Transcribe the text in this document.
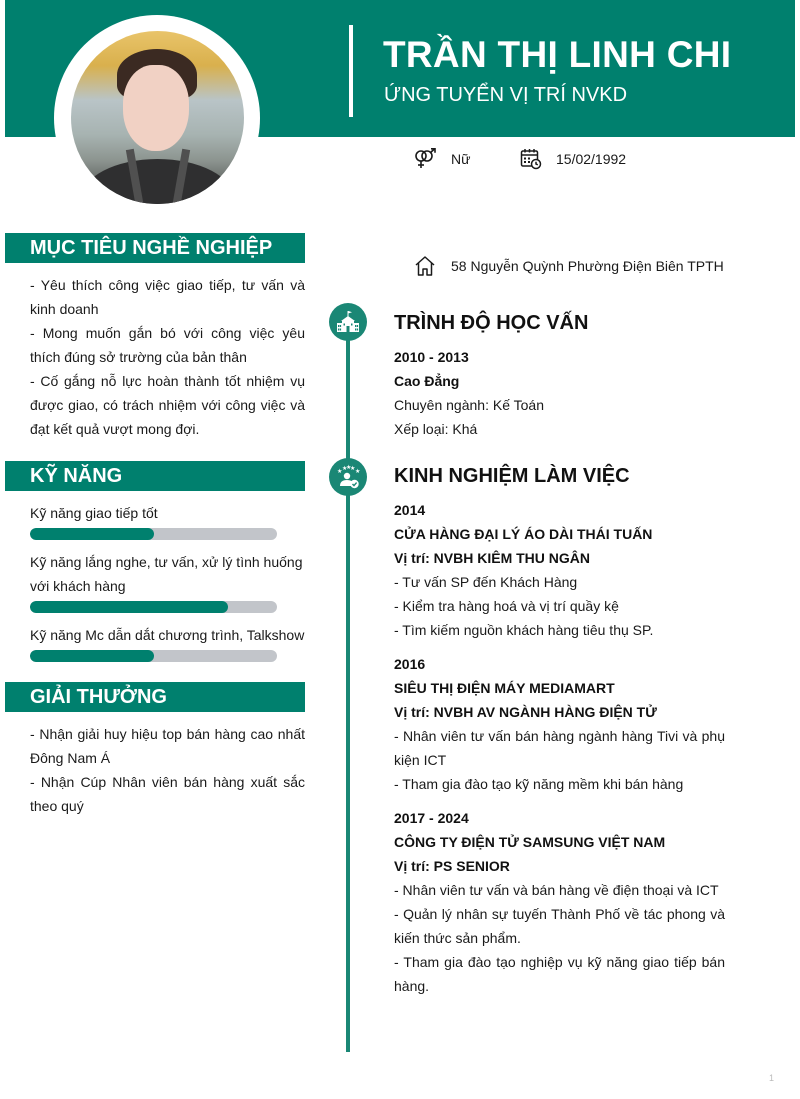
TRẦN THỊ LINH CHI
ỨNG TUYỂN VỊ TRÍ NVKD
Nữ	15/02/1992
58 Nguyễn Quỳnh Phường Điện Biên TPTH
MỤC TIÊU NGHỀ NGHIỆP
- Yêu thích công việc giao tiếp, tư vấn và kinh doanh
- Mong muốn gắn bó với công việc yêu thích đúng sở trường của bản thân
- Cố gắng nỗ lực hoàn thành tốt nhiệm vụ được giao, có trách nhiệm với công việc và đạt kết quả vượt mong đợi.
KỸ NĂNG
Kỹ năng giao tiếp tốt
Kỹ năng lắng nghe, tư vấn, xử lý tình huống với khách hàng
Kỹ năng Mc dẫn dắt chương trình, Talkshow
GIẢI THƯỞNG
- Nhận giải huy hiệu top bán hàng cao nhất Đông Nam Á
- Nhận Cúp Nhân viên bán hàng xuất sắc theo quý
★ ★
★
★ ★
TRÌNH ĐỘ HỌC VẤN
2010 - 2013
Cao Đẳng
Chuyên ngành: Kế Toán
Xếp loại: Khá
KINH NGHIỆM LÀM VIỆC
2014
CỬA HÀNG ĐẠI LÝ ÁO DÀI THÁI TUẤN
Vị trí: NVBH KIÊM THU NGÂN
- Tư vấn SP đến Khách Hàng
- Kiểm tra hàng hoá và vị trí quầy kệ
- Tìm kiếm nguồn khách hàng tiêu thụ SP.
2016
SIÊU THỊ ĐIỆN MÁY MEDIAMART
Vị trí: NVBH AV NGÀNH HÀNG ĐIỆN TỬ
- Nhân viên tư vấn bán hàng ngành hàng Tivi và phụ kiện ICT
- Tham gia đào tạo kỹ năng mềm khi bán hàng
2017 - 2024
CÔNG TY ĐIỆN TỬ SAMSUNG VIỆT NAM
Vị trí: PS SENIOR
- Nhân viên tư vấn và bán hàng về điện thoại và ICT
- Quản lý nhân sự tuyến Thành Phố về tác phong và kiến thức sản phẩm.
- Tham gia đào tạo nghiệp vụ kỹ năng giao tiếp bán hàng.
1
